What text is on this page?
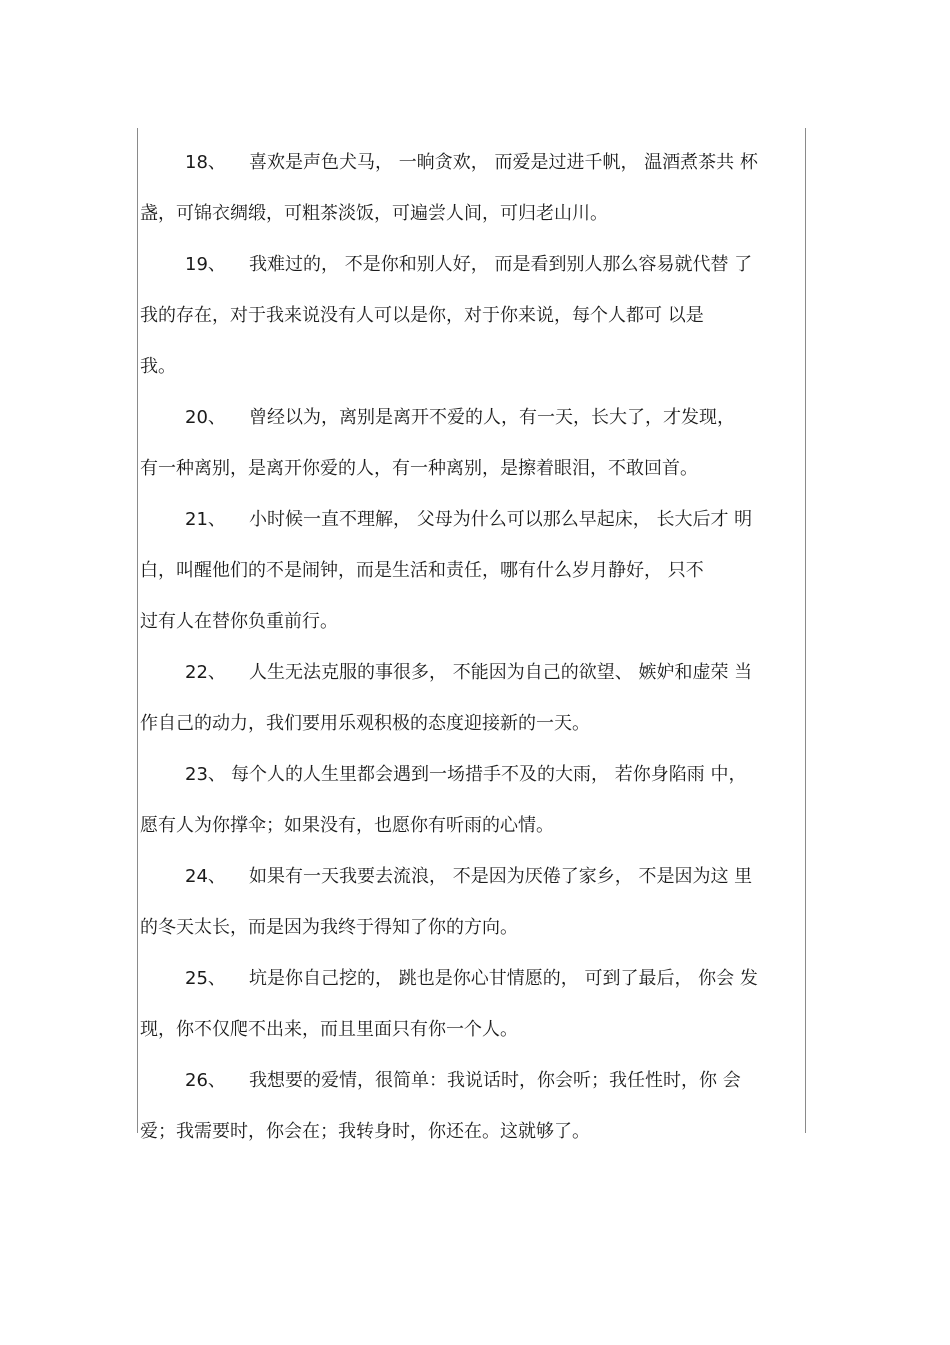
18、 喜欢是声色犬马， 一晌贪欢， 而爱是过进千帆， 温酒煮茶共 杯
盏，可锦衣绸缎，可粗茶淡饭，可遍尝人间，可归老山川。
19、 我难过的， 不是你和别人好， 而是看到别人那么容易就代替 了
我的存在，对于我来说没有人可以是你，对于你来说，每个人都可 以是
我。
20、 曾经以为，离别是离开不爱的人，有一天，长大了，才发现，
有一种离别，是离开你爱的人，有一种离别，是擦着眼泪，不敢回首。
21、 小时候一直不理解， 父母为什么可以那么早起床， 长大后才 明
白，叫醒他们的不是闹钟，而是生活和责任，哪有什么岁月静好， 只不
过有人在替你负重前行。
22、 人生无法克服的事很多， 不能因为自己的欲望、 嫉妒和虚荣 当
作自己的动力，我们要用乐观积极的态度迎接新的一天。
23、 每个人的人生里都会遇到一场措手不及的大雨， 若你身陷雨 中，
愿有人为你撑伞；如果没有，也愿你有听雨的心情。
24、 如果有一天我要去流浪， 不是因为厌倦了家乡， 不是因为这 里
的冬天太长，而是因为我终于得知了你的方向。
25、 坑是你自己挖的， 跳也是你心甘情愿的， 可到了最后， 你会 发
现，你不仅爬不出来，而且里面只有你一个人。
26、 我想要的爱情，很简单：我说话时，你会听；我任性时，你 会
爱；我需要时，你会在；我转身时，你还在。这就够了。
